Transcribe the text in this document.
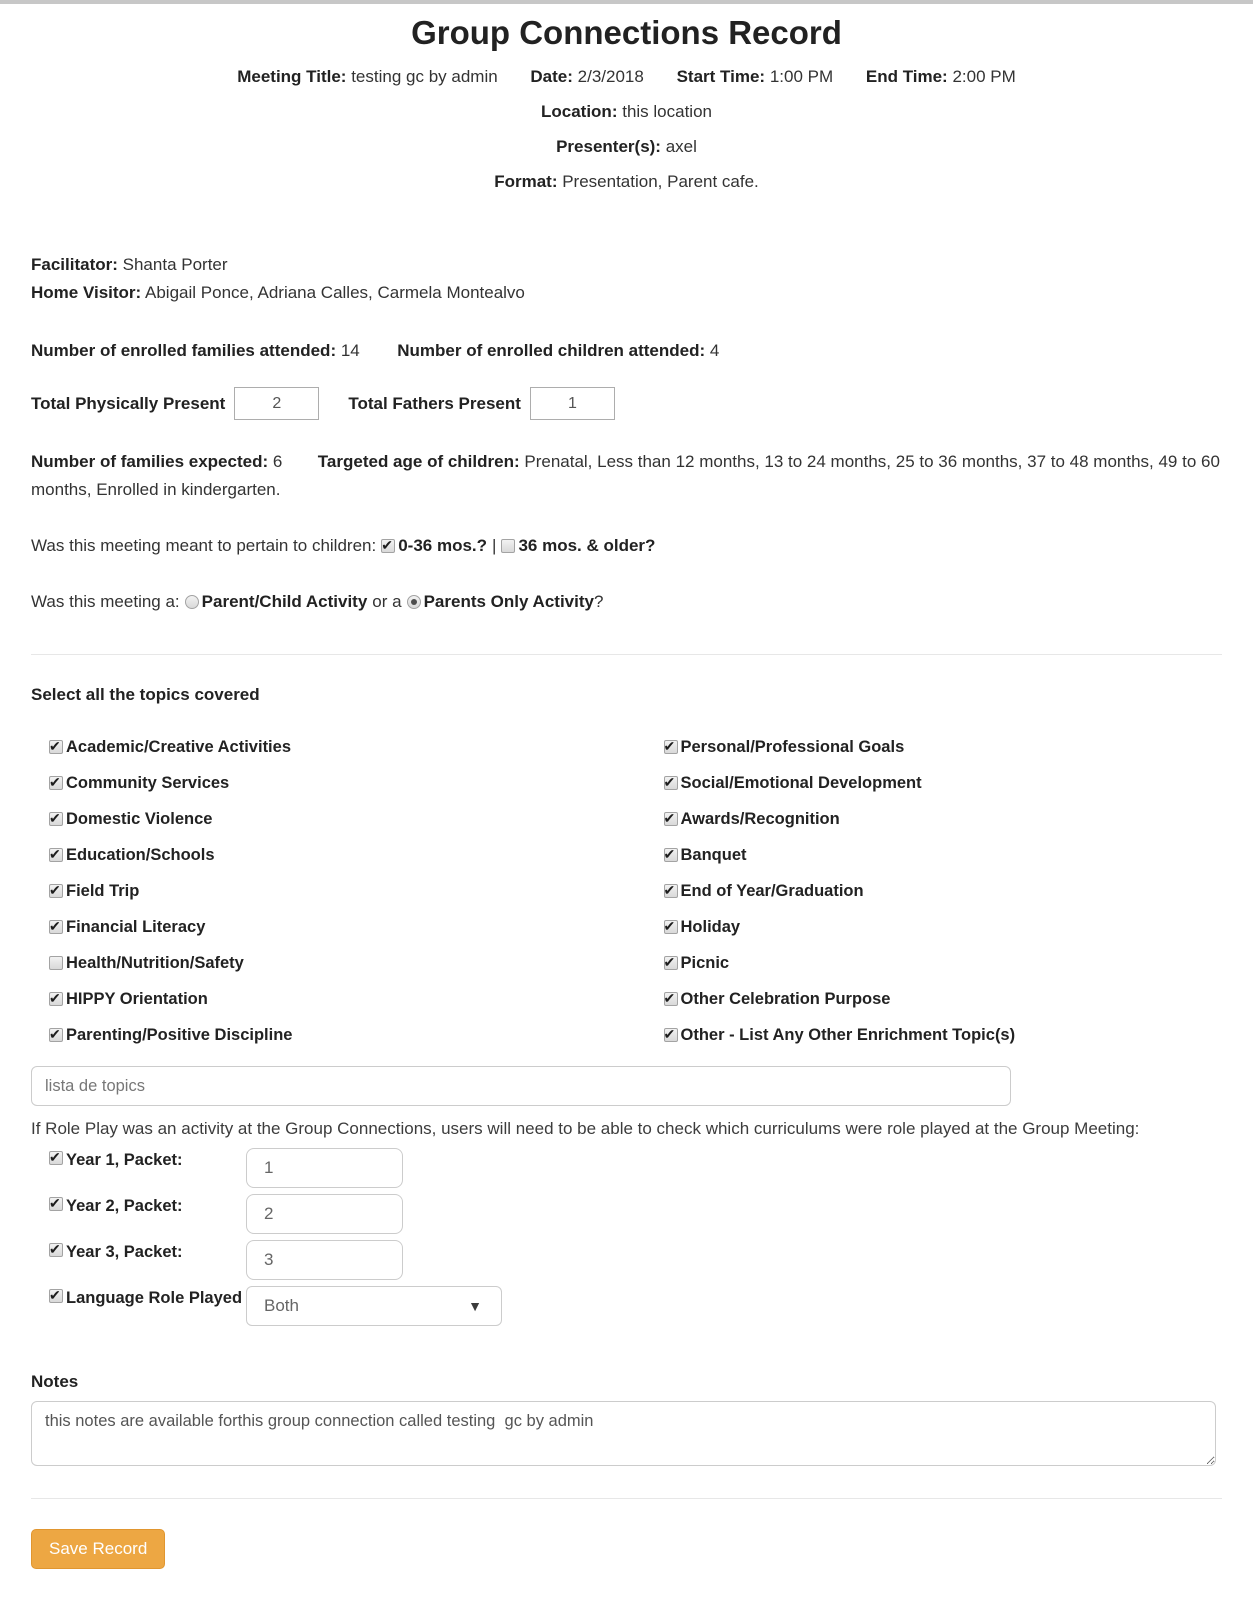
Group Connections Record
Meeting Title: testing gc by admin Date: 2/3/2018 Start Time: 1:00 PM End Time: 2:00 PM
Location: this location
Presenter(s): axel
Format: Presentation, Parent cafe.
Facilitator: Shanta Porter
Home Visitor: Abigail Ponce, Adriana Calles, Carmela Montealvo
Number of enrolled families attended: 14 Number of enrolled children attended: 4
Total Physically Present
2	Total Fathers Present
1
Number of families expected: 6 Targeted age of children: Prenatal, Less than 12 months, 13 to 24 months, 25 to 36 months, 37 to 48 months, 49 to 60 months, Enrolled in kindergarten.
Was this meeting meant to pertain to children: 0-36 mos.? | 36 mos. & older?
Was this meeting a: Parent/Child Activity or a Parents Only Activity?
Select all the topics covered
Academic/Creative Activities
Community Services
Domestic Violence
Education/Schools
Field Trip
Financial Literacy
Health/Nutrition/Safety
HIPPY Orientation
Parenting/Positive Discipline
Personal/Professional Goals
Social/Emotional Development
Awards/Recognition
Banquet
End of Year/Graduation
Holiday
Picnic
Other Celebration Purpose
Other - List Any Other Enrichment Topic(s)
lista de topics
If Role Play was an activity at the Group Connections, users will need to be able to check which curriculums were role played at the Group Meeting:
Year 1, Packet:
1
Year 2, Packet:
2
Year 3, Packet:
3
Language Role Played Both	▼
Notes
this notes are available forthis group connection called testing gc by admin
Save Record
